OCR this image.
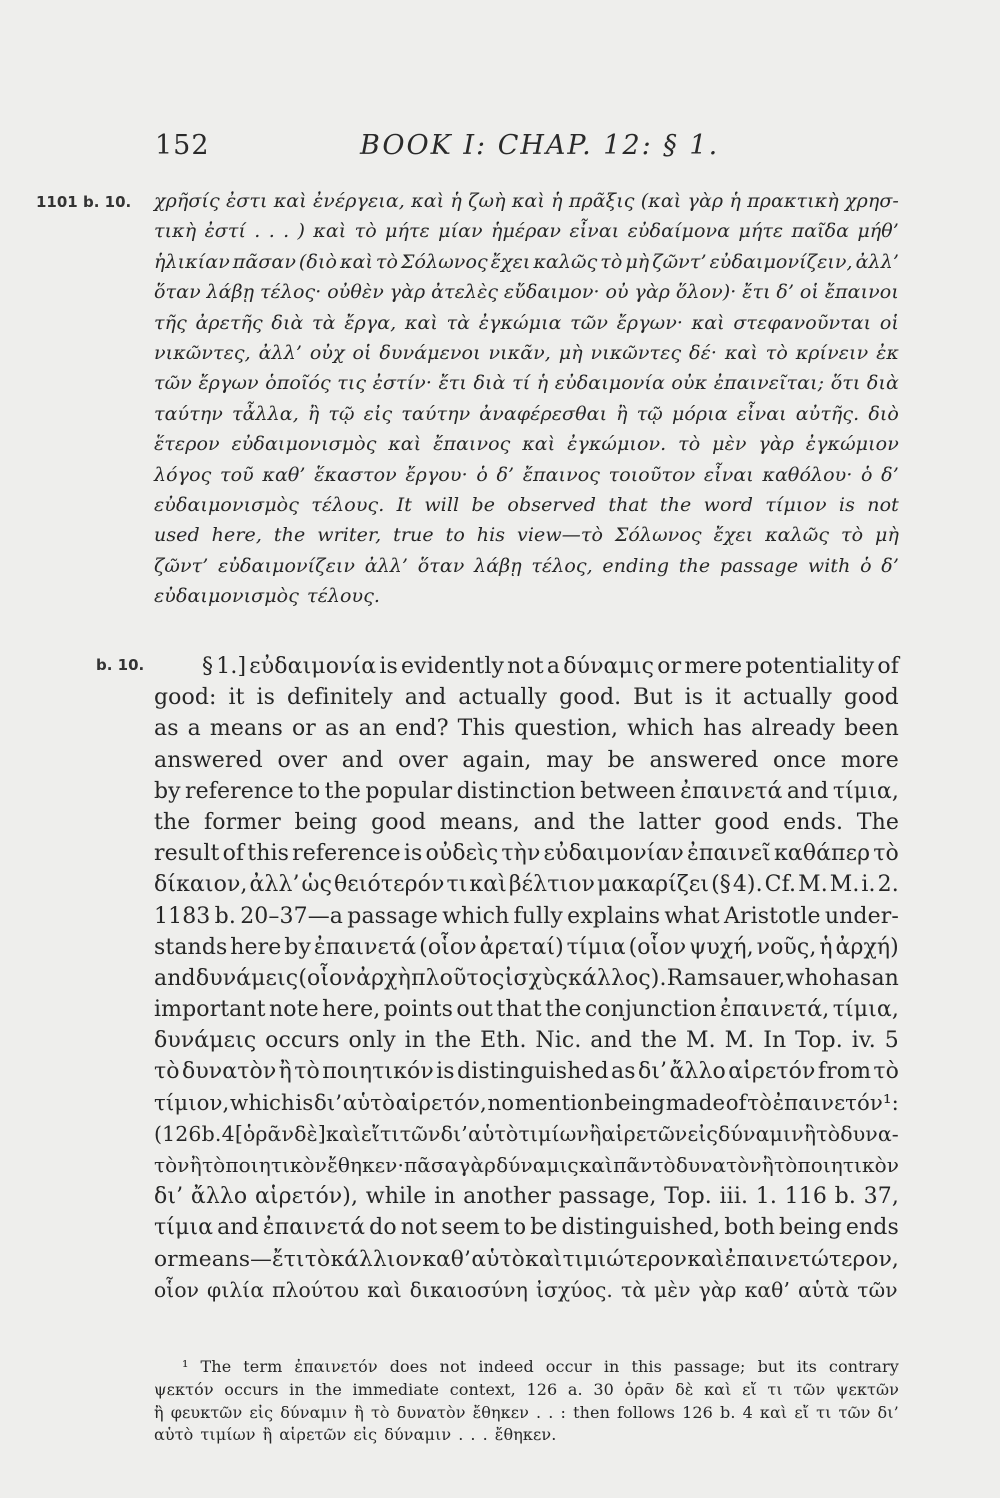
152	BOOK I: CHAP. 12: § 1.
1101 b. 10.
b. 10.
χρῆσίς ἐστι καὶ ἐνέργεια, καὶ ἡ ζωὴ καὶ ἡ πρᾶξις (καὶ γὰρ ἡ πρακτικὴ χρησ-
τικὴ ἐστί . . . ) καὶ τὸ μήτε μίαν ἡμέραν εἶναι εὐδαίμονα μήτε παῖδα μήθ’
ἡλικίαν πᾶσαν (διὸ καὶ τὸ Σόλωνος ἔχει καλῶς τὸ μὴ ζῶντ’ εὐδαιμονίζειν, ἀλλ’
ὅταν λάβῃ τέλος· οὐθὲν γὰρ ἀτελὲς εὔδαιμον· οὐ γὰρ ὅλον)· ἔτι δ’ οἱ ἔπαινοι
τῆς ἀρετῆς διὰ τὰ ἔργα, καὶ τὰ ἐγκώμια τῶν ἔργων· καὶ στεφανοῦνται οἱ
νικῶντες, ἀλλ’ οὐχ οἱ δυνάμενοι νικᾶν, μὴ νικῶντες δέ· καὶ τὸ κρίνειν ἐκ
τῶν ἔργων ὁποῖός τις ἐστίν· ἔτι διὰ τί ἡ εὐδαιμονία οὐκ ἐπαινεῖται; ὅτι διὰ
ταύτην τἆλλα, ἢ τῷ εἰς ταύτην ἀναφέρεσθαι ἢ τῷ μόρια εἶναι αὐτῆς. διὸ
ἕτερον εὐδαιμονισμὸς καὶ ἔπαινος καὶ ἐγκώμιον. τὸ μὲν γὰρ ἐγκώμιον
λόγος τοῦ καθ’ ἕκαστον ἔργου· ὁ δ’ ἔπαινος τοιοῦτον εἶναι καθόλου· ὁ δ’
εὐδαιμονισμὸς τέλους. It will be observed that the word τίμιον is not
used here, the writer, true to his view—τὸ Σόλωνος ἔχει καλῶς τὸ μὴ
ζῶντ’ εὐδαιμονίζειν ἀλλ’ ὅταν λάβῃ τέλος, ending the passage with ὁ δ’
εὐδαιμονισμὸς τέλους.
§ 1.] εὐδαιμονία is evidently not a δύναμις or mere potentiality of
good: it is definitely and actually good. But is it actually good
as a means or as an end? This question, which has already been
answered over and over again, may be answered once more
by reference to the popular distinction between ἐπαινετά and τίμια,
the former being good means, and the latter good ends. The
result of this reference is οὐδεὶς τὴν εὐδαιμονίαν ἐπαινεῖ καθάπερ τὸ
δίκαιον, ἀλλ’ ὡς θειότερόν τι καὶ βέλτιον μακαρίζει (§ 4). Cf. M. M. i. 2.
1183 b. 20–37—a passage which fully explains what Aristotle under-
stands here by ἐπαινετά (οἷον ἀρεταί) τίμια (οἷον ψυχή, νοῦς, ἡ ἀρχή)
and δυνάμεις (οἷον ἀρχὴ πλοῦτος ἰσχὺς κάλλος). Ramsauer, who has an
important note here, points out that the conjunction ἐπαινετά, τίμια,
δυνάμεις occurs only in the Eth. Nic. and the M. M. In Top. iv. 5
τὸ δυνατὸν ἢ τὸ ποιητικόν is distinguished as δι’ ἄλλο αἱρετόν from τὸ
τίμιον, which is δι’ αὑτὸ αἱρετόν, no mention being made of τὸ ἐπαινετόν¹:
(126 b. 4 [ὁρᾶν δὲ] καὶ εἴ τι τῶν δι’ αὑτὸ τιμίων ἢ αἱρετῶν εἰς δύναμιν ἢ τὸ δυνα-
τὸν ἢ τὸ ποιητικὸν ἔθηκεν· πᾶσα γὰρ δύναμις καὶ πᾶν τὸ δυνατὸν ἢ τὸ ποιητικὸν
δι’ ἄλλο αἱρετόν), while in another passage, Top. iii. 1. 116 b. 37,
τίμια and ἐπαινετά do not seem to be distinguished, both being ends
or means—ἔτι τὸ κάλλιον καθ’ αὑτὸ καὶ τιμιώτερον καὶ ἐπαινετώτερον,
οἷον φιλία πλούτου καὶ δικαιοσύνη ἰσχύος. τὰ μὲν γὰρ καθ’ αὑτὰ τῶν
¹ The term ἐπαινετόν does not indeed occur in this passage; but its contrary
ψεκτόν occurs in the immediate context, 126 a. 30 ὁρᾶν δὲ καὶ εἴ τι τῶν ψεκτῶν
ἢ φευκτῶν εἰς δύναμιν ἢ τὸ δυνατὸν ἔθηκεν . . : then follows 126 b. 4 καὶ εἴ τι τῶν δι’
αὑτὸ τιμίων ἢ αἱρετῶν εἰς δύναμιν . . . ἔθηκεν.
